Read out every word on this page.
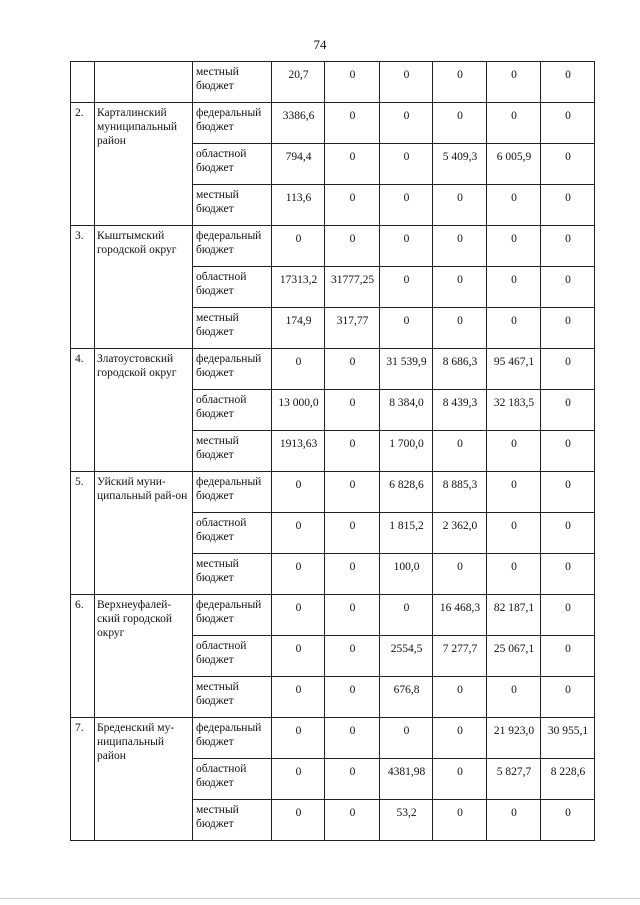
74
		местный бюджет	20,7	0	0	0	0	0
2.	Карталинский муниципальный район	федеральный бюджет	3386,6	0	0	0	0	0
		областной бюджет	794,4	0	0	5 409,3	6 005,9	0
		местный бюджет	113,6	0	0	0	0	0
3.	Кыштымский городской округ	федеральный бюджет	0	0	0	0	0	0
		областной бюджет	17313,2	31777,25	0	0	0	0
		местный бюджет	174,9	317,77	0	0	0	0
4.	Златоустовский городской округ	федеральный бюджет	0	0	31 539,9	8 686,3	95 467,1	0
		областной бюджет	13 000,0	0	8 384,0	8 439,3	32 183,5	0
		местный бюджет	1913,63	0	1 700,0	0	0	0
5.	Уйский муни-ципальный рай-он	федеральный бюджет	0	0	6 828,6	8 885,3	0	0
		областной бюджет	0	0	1 815,2	2 362,0	0	0
		местный бюджет	0	0	100,0	0	0	0
6.	Верхнеуфалей-ский городской округ	федеральный бюджет	0	0	0	16 468,3	82 187,1	0
		областной бюджет	0	0	2554,5	7 277,7	25 067,1	0
		местный бюджет	0	0	676,8	0	0	0
7.	Бреденский му-ниципальный район	федеральный бюджет	0	0	0	0	21 923,0	30 955,1
		областной бюджет	0	0	4381,98	0	5 827,7	8 228,6
		местный бюджет	0	0	53,2	0	0	0
